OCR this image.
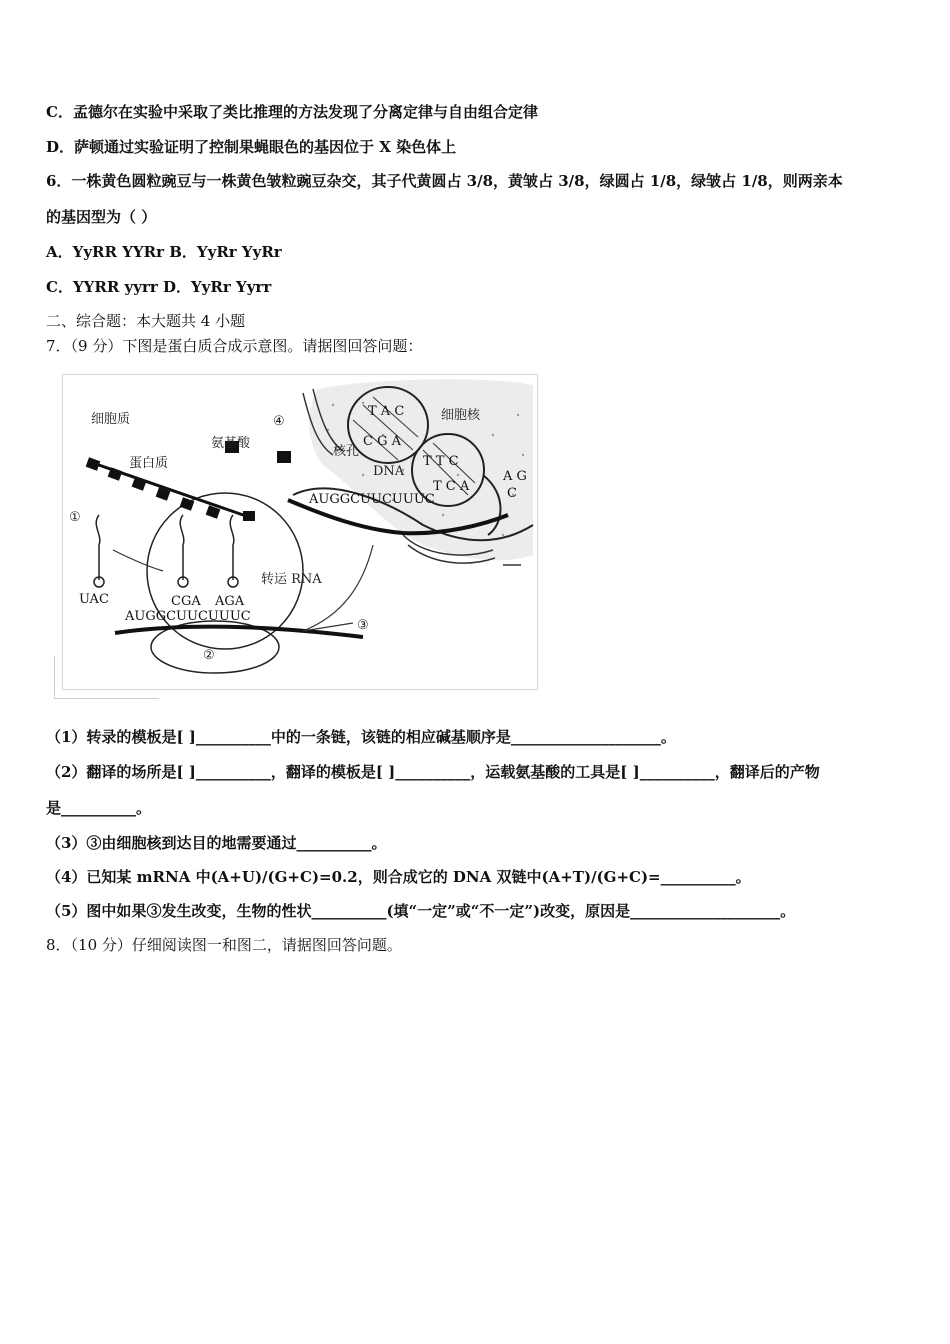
C．孟德尔在实验中采取了类比推理的方法发现了分离定律与自由组合定律
D．萨顿通过实验证明了控制果蝇眼色的基因位于 X 染色体上
6．一株黄色圆粒豌豆与一株黄色皱粒豌豆杂交，其子代黄圆占 3/8，黄皱占 3/8，绿圆占 1/8，绿皱占 1/8，则两亲本
的基因型为（ ）
A．YyRR YYRr B．YyRr YyRr
C．YYRR yyrr D．YyRr Yyrr
二、综合题：本大题共 4 小题
7．（9 分）下图是蛋白质合成示意图。请据图回答问题：
T A C
C G A
T T C
T C A
A G
C
AUGGCUUCUUUC
AUGGCUUCUUUC
UAC	CGA AGA
细胞质	细胞核
蛋白质
氨基酸
核孔
DNA
转运 RNA
①
②
③
④
（1）转录的模板是[ ]__________中的一条链，该链的相应碱基顺序是____________________。
（2）翻译的场所是[ ]__________，翻译的模板是[ ]__________，运载氨基酸的工具是[ ]__________，翻译后的产物
是__________。
（3）③由细胞核到达目的地需要通过__________。
（4）已知某 mRNA 中(A+U)/(G+C)=0.2，则合成它的 DNA 双链中(A+T)/(G+C)=__________。
（5）图中如果③发生改变，生物的性状__________(填“一定”或“不一定”)改变，原因是____________________。
8．（10 分）仔细阅读图一和图二，请据图回答问题。
